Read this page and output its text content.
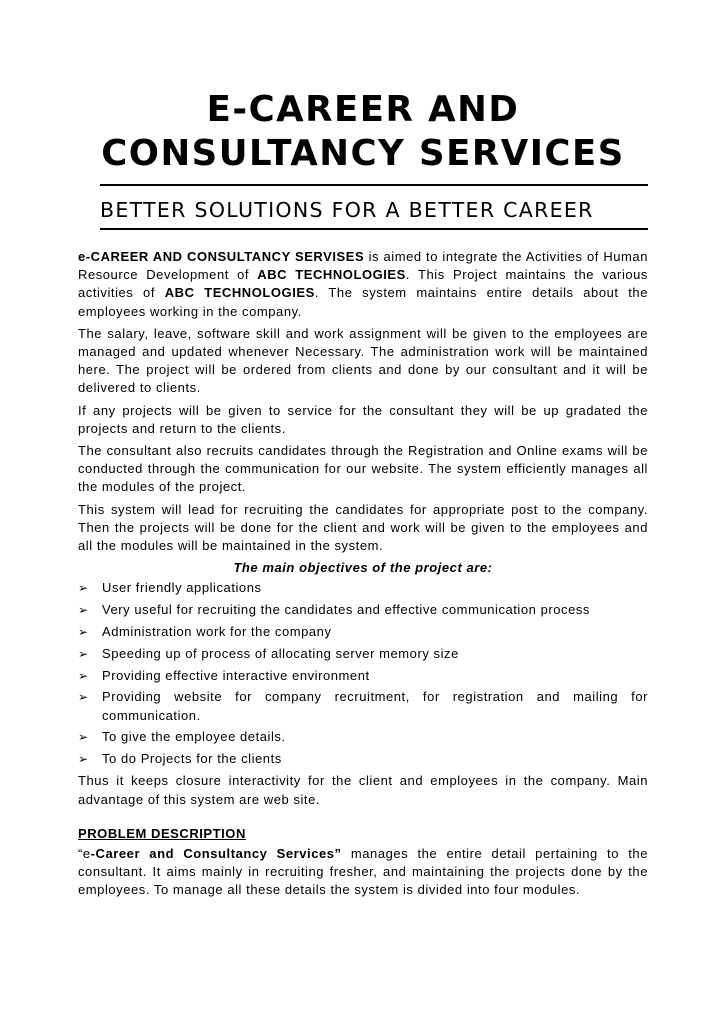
E-CAREER AND
CONSULTANCY SERVICES
BETTER SOLUTIONS FOR A BETTER CAREER

e-CAREER AND CONSULTANCY SERVISES is aimed to integrate the Activities of Human Resource Development of ABC TECHNOLOGIES. This Project maintains the various activities of ABC TECHNOLOGIES. The system maintains entire details about the employees working in the company.

The salary, leave, software skill and work assignment will be given to the employees are managed and updated whenever Necessary. The administration work will be maintained here. The project will be ordered from clients and done by our consultant and it will be delivered to clients.

If any projects will be given to service for the consultant they will be up gradated the projects and return to the clients.

The consultant also recruits candidates through the Registration and Online exams will be conducted through the communication for our website. The system efficiently manages all the modules of the project.

This system will lead for recruiting the candidates for appropriate post to the company. Then the projects will be done for the client and work will be given to the employees and all the modules will be maintained in the system.

The main objectives of the project are:

➢ User friendly applications
➢ Very useful for recruiting the candidates and effective communication process
➢ Administration work for the company
➢ Speeding up of process of allocating server memory size
➢ Providing effective interactive environment
➢ Providing website for company recruitment, for registration and mailing for communication.
➢ To give the employee details.
➢ To do Projects for the clients

Thus it keeps closure interactivity for the client and employees in the company. Main advantage of this system are web site.

PROBLEM DESCRIPTION

“e-Career and Consultancy Services” manages the entire detail pertaining to the consultant. It aims mainly in recruiting fresher, and maintaining the projects done by the employees. To manage all these details the system is divided into four modules.
